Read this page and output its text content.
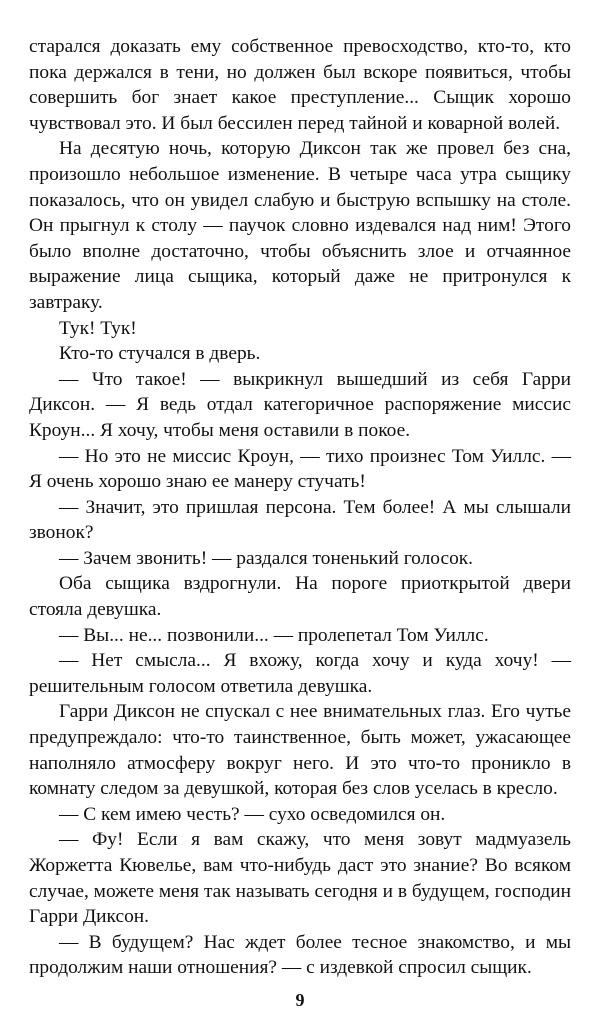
старался доказать ему собственное превосходство, кто-то, кто пока держался в тени, но должен был вскоре появиться, чтобы совершить бог знает какое преступление... Сыщик хорошо чувствовал это. И был бессилен перед тайной и коварной волей.

На десятую ночь, которую Диксон так же провел без сна, произошло небольшое изменение. В четыре часа утра сыщику показалось, что он увидел слабую и быструю вспышку на столе. Он прыгнул к столу — паучок словно издевался над ним! Этого было вполне достаточно, чтобы объяснить злое и отчаянное выражение лица сыщика, который даже не притронулся к завтраку.

Тук! Тук!

Кто-то стучался в дверь.

— Что такое! — выкрикнул вышедший из себя Гарри Диксон. — Я ведь отдал категоричное распоряжение миссис Кроун... Я хочу, чтобы меня оставили в покое.

— Но это не миссис Кроун, — тихо произнес Том Уиллс. — Я очень хорошо знаю ее манеру стучать!

— Значит, это пришлая персона. Тем более! А мы слышали звонок?

— Зачем звонить! — раздался тоненький голосок.

Оба сыщика вздрогнули. На пороге приоткрытой двери стояла девушка.

— Вы... не... позвонили... — пролепетал Том Уиллс.

— Нет смысла... Я вхожу, когда хочу и куда хочу! — решительным голосом ответила девушка.

Гарри Диксон не спускал с нее внимательных глаз. Его чутье предупреждало: что-то таинственное, быть может, ужасающее наполняло атмосферу вокруг него. И это что-то проникло в комнату следом за девушкой, которая без слов уселась в кресло.

— С кем имею честь? — сухо осведомился он.

— Фу! Если я вам скажу, что меня зовут мадмуазель Жоржетта Кювелье, вам что-нибудь даст это знание? Во всяком случае, можете меня так называть сегодня и в будущем, господин Гарри Диксон.

— В будущем? Нас ждет более тесное знакомство, и мы продолжим наши отношения? — с издевкой спросил сыщик.

9
